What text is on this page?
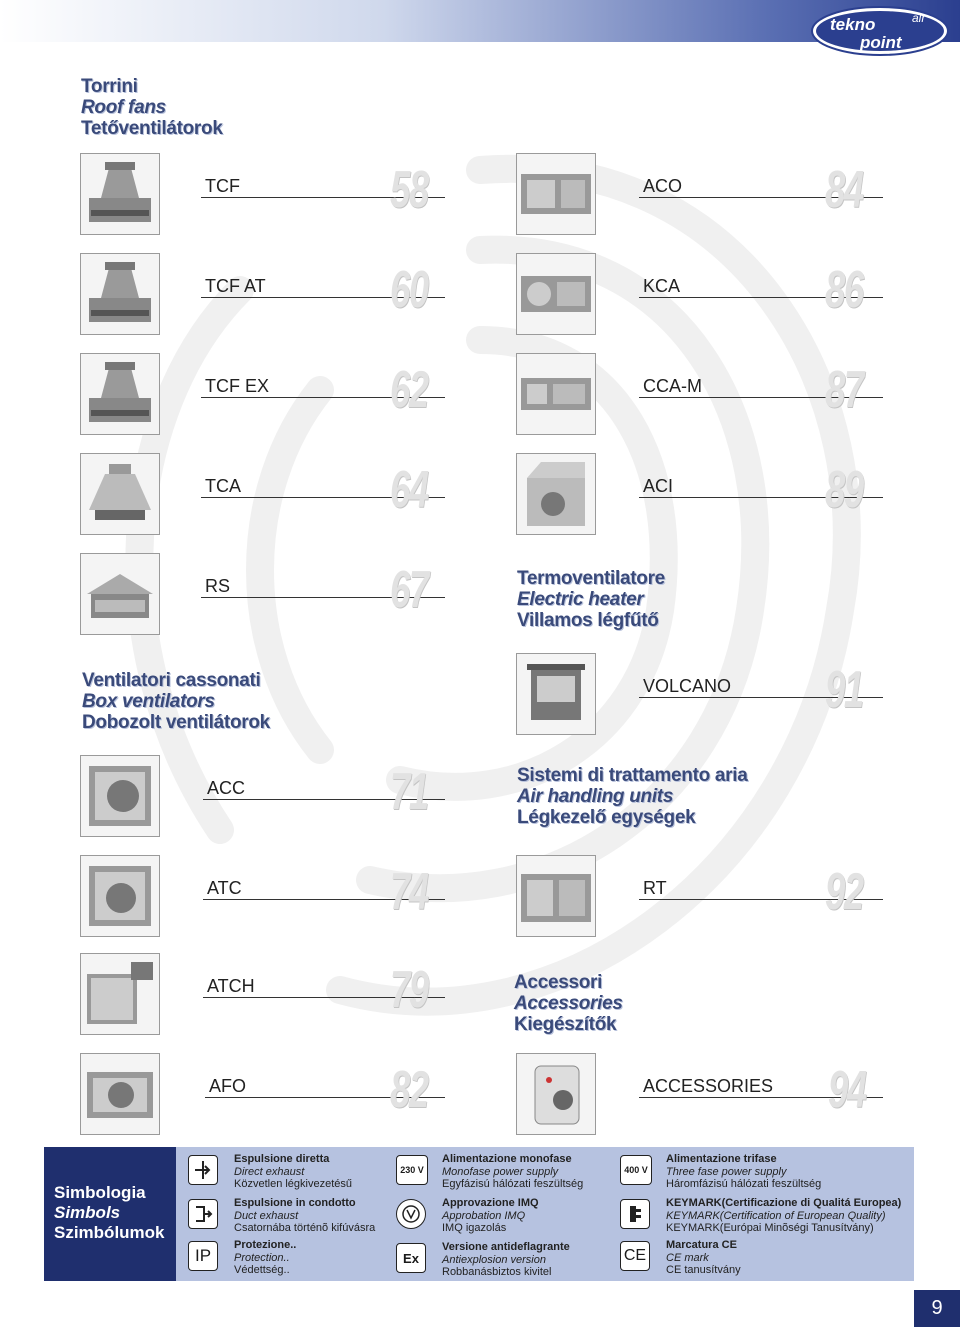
tekno
point
air
Torrini
Roof fans
Tetőventilátorok
Ventilatori cassonati
Box ventilators
Dobozolt ventilátorok
Termoventilatore
Electric heater
Villamos légfűtő
Sistemi di trattamento aria
Air handling units
Légkezelő egységek
Accessori
Accessories
Kiegészítők
TCF	58
TCF AT 60
TCF EX 62
TCA	64
RS	67
ACC	71
ATC	74
ATCH	79
AFO	82
ACO	84
KCA	86
CCA-M 87
ACI	89
VOLCANO 91
RT	92
ACCESSORIES 94
Simbologia
Simbols
Szimbólumok
Espulsione diretta
Direct exhaust
Közvetlen légkivezetésű
Espulsione in condotto
Duct exhaust
Csatornába történõ kifúvásra
IP
Protezione..
Protection..
Védettség..
230 V
Alimentazione monofase
Monofase power supply
Egyfázisú hálózati feszültség
Approvazione IMQ
Approbation IMQ
IMQ igazolás
Ex
Versione antideflagrante
Antiexplosion version
Robbanásbiztos kivitel
400 V
Alimentazione trifase
Three fase power supply
Háromfázisú hálózati feszültség
KEYMARK(Certificazione di Qualitá Europea)
KEYMARK(Certification of European Quality)
KEYMARK(Európai Minõségi Tanusítvány)
CE
Marcatura CE
CE mark
CE tanusítvány
9
